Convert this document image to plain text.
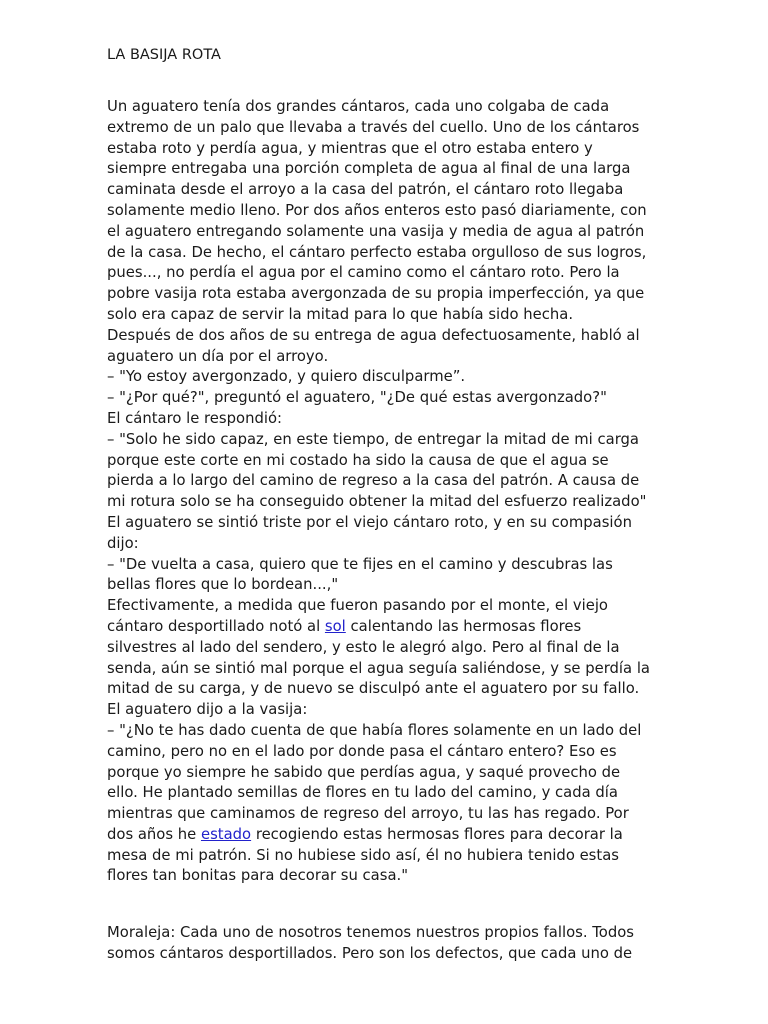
LA BASIJA ROTA
Un aguatero tenía dos grandes cántaros, cada uno colgaba de cada
extremo de un palo que llevaba a través del cuello. Uno de los cántaros
estaba roto y perdía agua, y mientras que el otro estaba entero y
siempre entregaba una porción completa de agua al final de una larga
caminata desde el arroyo a la casa del patrón, el cántaro roto llegaba
solamente medio lleno. Por dos años enteros esto pasó diariamente, con
el aguatero entregando solamente una vasija y media de agua al patrón
de la casa. De hecho, el cántaro perfecto estaba orgulloso de sus logros,
pues..., no perdía el agua por el camino como el cántaro roto. Pero la
pobre vasija rota estaba avergonzada de su propia imperfección, ya que
solo era capaz de servir la mitad para lo que había sido hecha.
Después de dos años de su entrega de agua defectuosamente, habló al
aguatero un día por el arroyo.
– "Yo estoy avergonzado, y quiero disculparme”.
– "¿Por qué?", preguntó el aguatero, "¿De qué estas avergonzado?"
El cántaro le respondió:
– "Solo he sido capaz, en este tiempo, de entregar la mitad de mi carga
porque este corte en mi costado ha sido la causa de que el agua se
pierda a lo largo del camino de regreso a la casa del patrón. A causa de
mi rotura solo se ha conseguido obtener la mitad del esfuerzo realizado"
El aguatero se sintió triste por el viejo cántaro roto, y en su compasión
dijo:
– "De vuelta a casa, quiero que te fijes en el camino y descubras las
bellas flores que lo bordean...,"
Efectivamente, a medida que fueron pasando por el monte, el viejo
cántaro desportillado notó al sol calentando las hermosas flores
silvestres al lado del sendero, y esto le alegró algo. Pero al final de la
senda, aún se sintió mal porque el agua seguía saliéndose, y se perdía la
mitad de su carga, y de nuevo se disculpó ante el aguatero por su fallo.
El aguatero dijo a la vasija:
– "¿No te has dado cuenta de que había flores solamente en un lado del
camino, pero no en el lado por donde pasa el cántaro entero? Eso es
porque yo siempre he sabido que perdías agua, y saqué provecho de
ello. He plantado semillas de flores en tu lado del camino, y cada día
mientras que caminamos de regreso del arroyo, tu las has regado. Por
dos años he estado recogiendo estas hermosas flores para decorar la
mesa de mi patrón. Si no hubiese sido así, él no hubiera tenido estas
flores tan bonitas para decorar su casa."
Moraleja: Cada uno de nosotros tenemos nuestros propios fallos. Todos
somos cántaros desportillados. Pero son los defectos, que cada uno de
